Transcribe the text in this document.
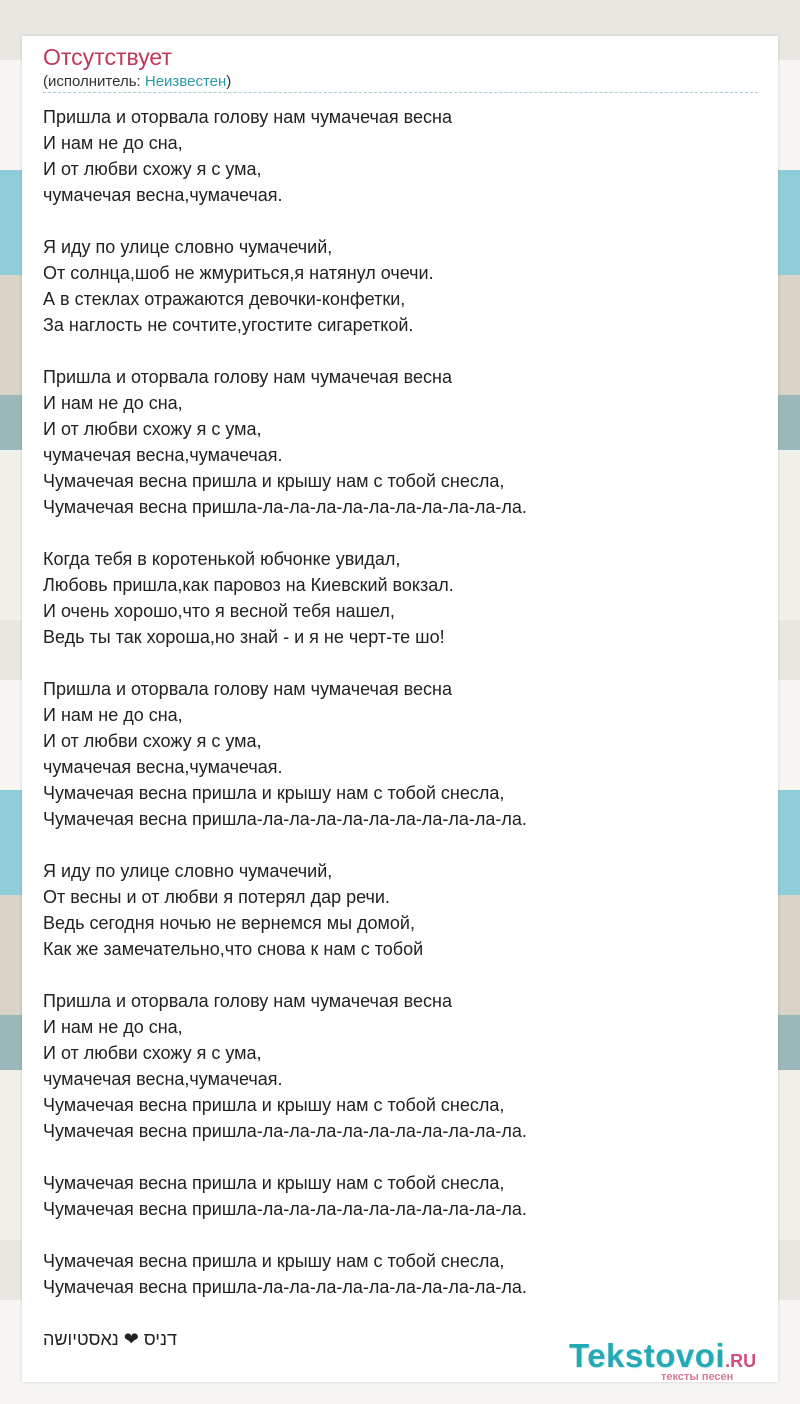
Отсутствует
(исполнитель: Неизвестен)
Пришла и оторвала голову нам чумачечая весна
И нам не до сна,
И от любви схожу я с ума,
чумачечая весна,чумачечая.
Я иду по улице словно чумачечий,
От солнца,шоб не жмуриться,я натянул очечи.
А в стеклах отражаются девочки-конфетки,
За наглость не сочтите,угостите сигареткой.
Пришла и оторвала голову нам чумачечая весна
И нам не до сна,
И от любви схожу я с ума,
чумачечая весна,чумачечая.
Чумачечая весна пришла и крышу нам с тобой снесла,
Чумачечая весна пришла-ла-ла-ла-ла-ла-ла-ла-ла-ла-ла.
Когда тебя в коротенькой юбчонке увидал,
Любовь пришла,как паровоз на Киевский вокзал.
И очень хорошо,что я весной тебя нашел,
Ведь ты так хороша,но знай - и я не черт-те шо!
Пришла и оторвала голову нам чумачечая весна
И нам не до сна,
И от любви схожу я с ума,
чумачечая весна,чумачечая.
Чумачечая весна пришла и крышу нам с тобой снесла,
Чумачечая весна пришла-ла-ла-ла-ла-ла-ла-ла-ла-ла-ла.
Я иду по улице словно чумачечий,
От весны и от любви я потерял дар речи.
Ведь сегодня ночью не вернемся мы домой,
Как же замечательно,что снова к нам с тобой
Пришла и оторвала голову нам чумачечая весна
И нам не до сна,
И от любви схожу я с ума,
чумачечая весна,чумачечая.
Чумачечая весна пришла и крышу нам с тобой снесла,
Чумачечая весна пришла-ла-ла-ла-ла-ла-ла-ла-ла-ла-ла.
Чумачечая весна пришла и крышу нам с тобой снесла,
Чумачечая весна пришла-ла-ла-ла-ла-ла-ла-ла-ла-ла-ла.
Чумачечая весна пришла и крышу нам с тобой снесла,
Чумачечая весна пришла-ла-ла-ла-ла-ла-ла-ла-ла-ла-ла.
דניס ❤ נאסטיושה	Tekstovoi.RU
тексты песен
